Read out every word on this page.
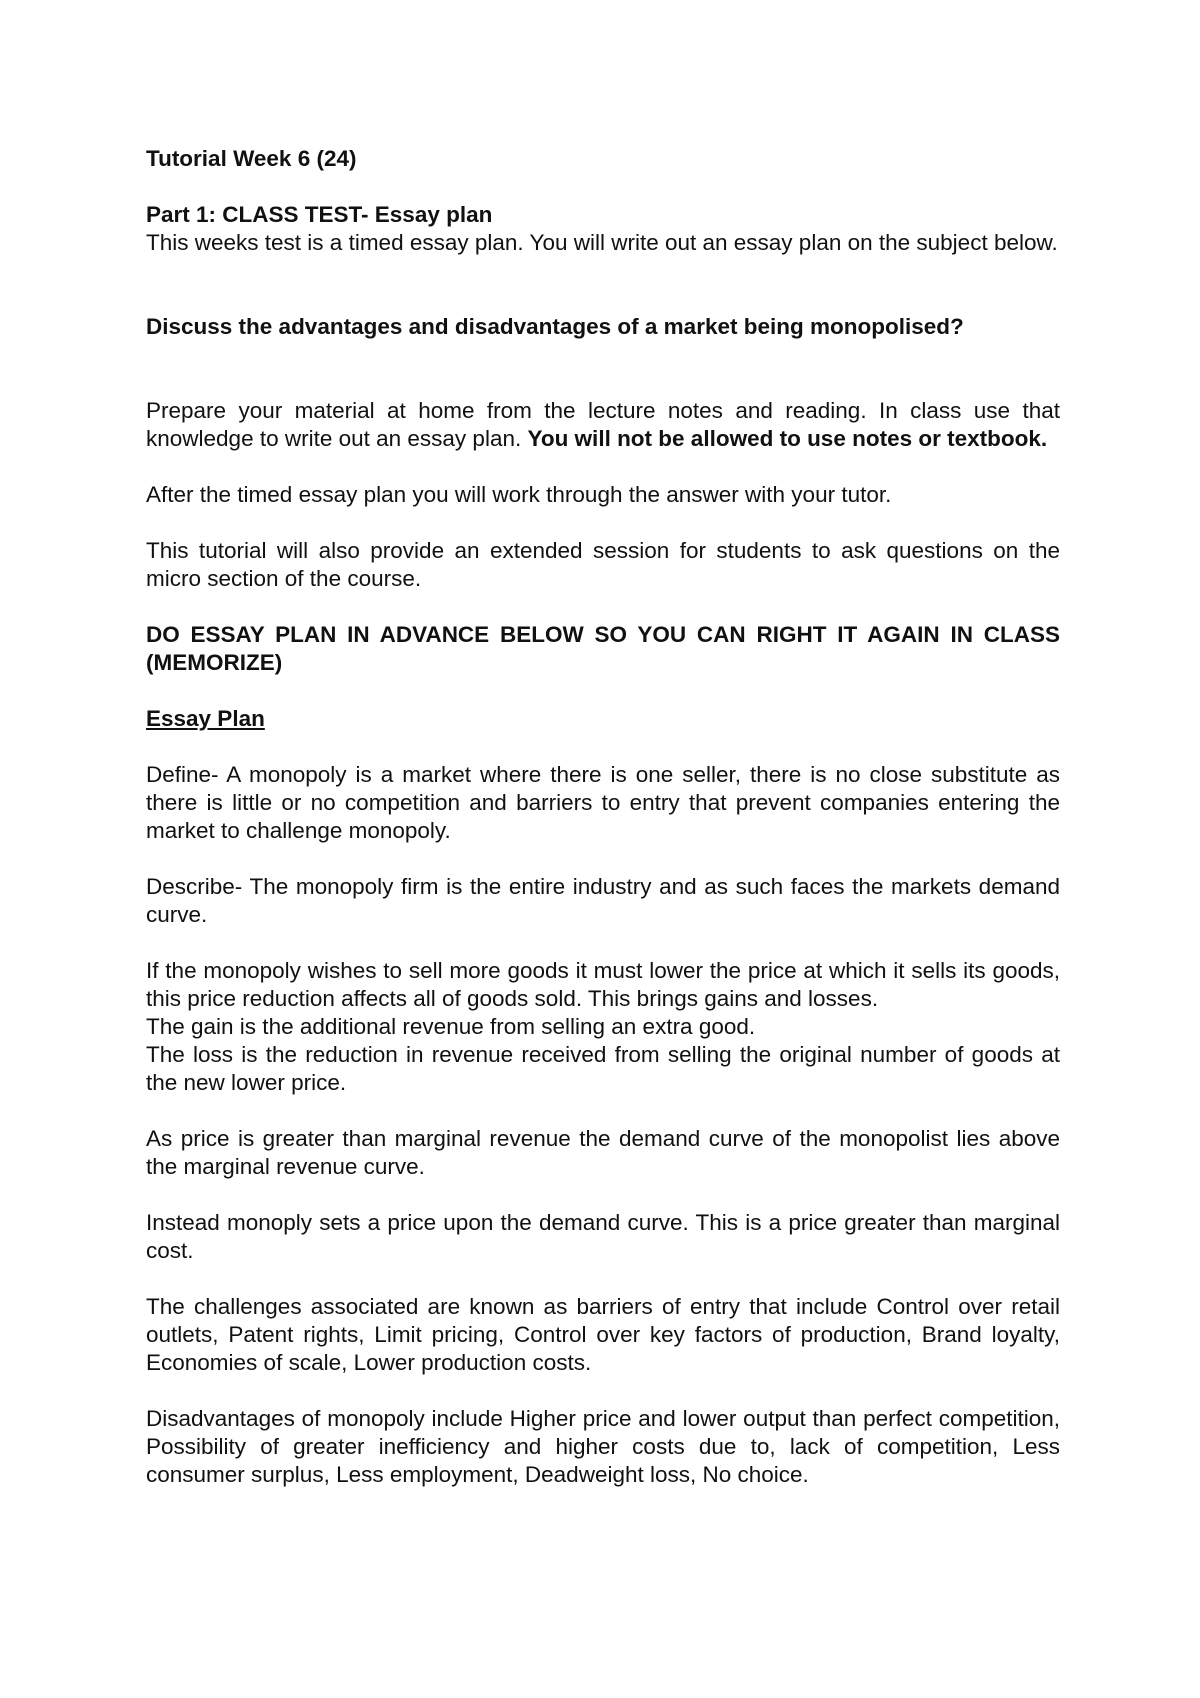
Tutorial Week 6 (24)

Part 1: CLASS TEST- Essay plan

This weeks test is a timed essay plan. You will write out an essay plan on the subject below.

Discuss the advantages and disadvantages of a market being monopolised?

Prepare your material at home from the lecture notes and reading. In class use that knowledge to write out an essay plan. You will not be allowed to use notes or textbook.

After the timed essay plan you will work through the answer with your tutor.

This tutorial will also provide an extended session for students to ask questions on the micro section of the course.

DO ESSAY PLAN IN ADVANCE BELOW SO YOU CAN RIGHT IT AGAIN IN CLASS (MEMORIZE)

Essay Plan

Define- A monopoly is a market where there is one seller, there is no close substitute as there is little or no competition and barriers to entry that prevent companies entering the market to challenge monopoly.

Describe- The monopoly firm is the entire industry and as such faces the markets demand curve.

If the monopoly wishes to sell more goods it must lower the price at which it sells its goods, this price reduction affects all of goods sold. This brings gains and losses.

The gain is the additional revenue from selling an extra good.

The loss is the reduction in revenue received from selling the original number of goods at the new lower price.

As price is greater than marginal revenue the demand curve of the monopolist lies above the marginal revenue curve.

Instead monoply sets a price upon the demand curve. This is a price greater than marginal cost.

The challenges associated are known as barriers of entry that include Control over retail outlets, Patent rights, Limit pricing, Control over key factors of production, Brand loyalty, Economies of scale, Lower production costs.

Disadvantages of monopoly include Higher price and lower output than perfect competition, Possibility of greater inefficiency and higher costs due to, lack of competition, Less consumer surplus, Less employment, Deadweight loss, No choice.
